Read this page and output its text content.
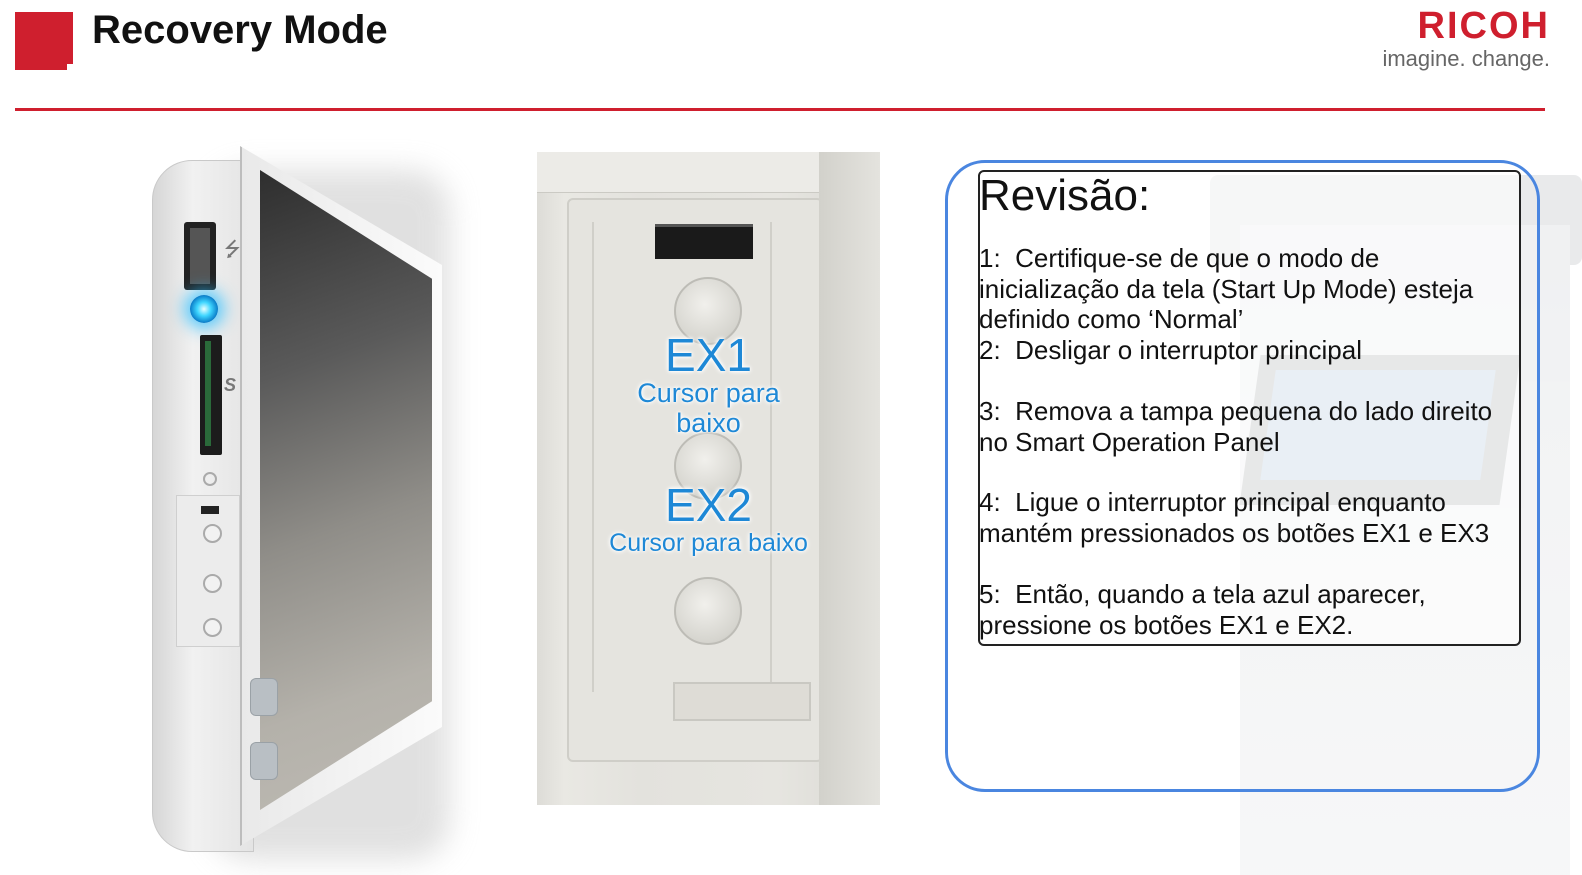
Recovery Mode	RICOH
imagine. change.
⭍
S
EX1
Cursor para baixo
EX2
Cursor para baixo
Revisão:
1:  Certifique-se de que o modo de inicialização da tela (Start Up Mode) esteja definido como ‘Normal’
2:  Desligar o interruptor principal
3:  Remova a tampa pequena do lado direito no Smart Operation Panel
4:  Ligue o interruptor principal enquanto mantém pressionados os botões EX1 e EX3
5:  Então, quando a tela azul aparecer, pressione os botões EX1 e EX2.
